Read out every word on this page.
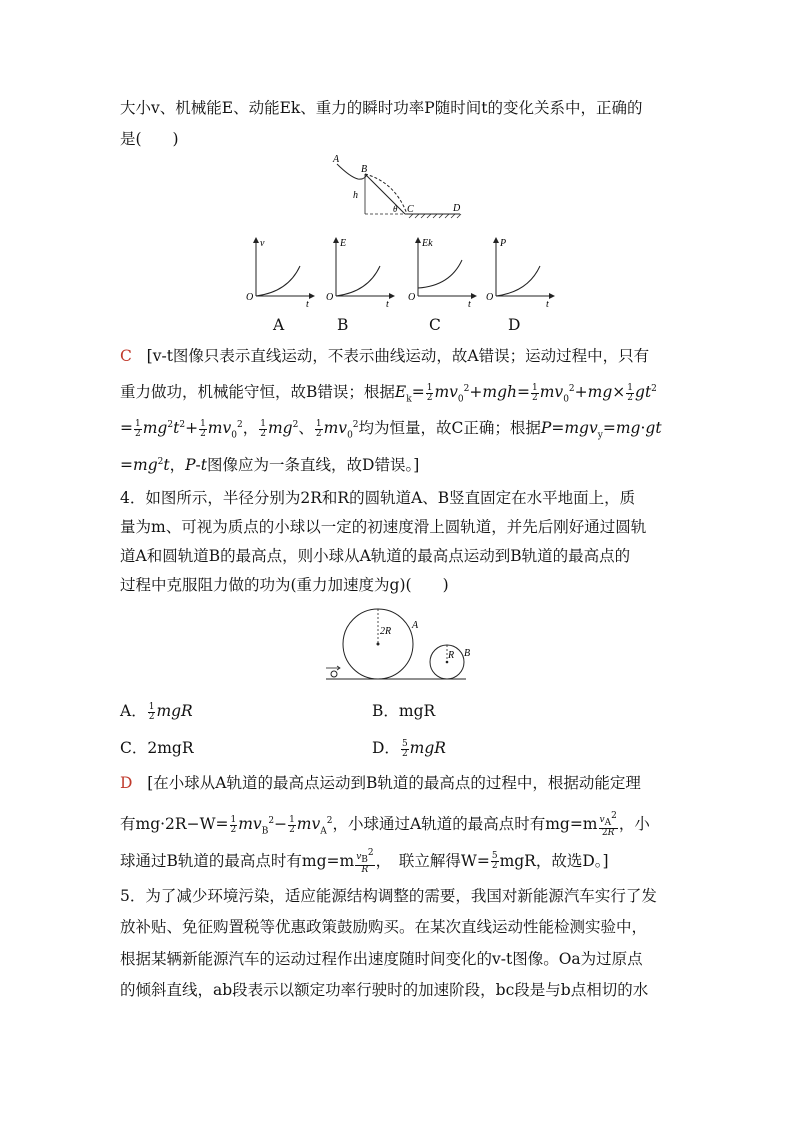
大小v、机械能E、动能Ek、重力的瞬时功率P随时间t的变化关系中，正确的
是(　　)
A
B
h
θ C	D
v
O
t
E
O
t
Ek
O
t
P
O
t
A	B	C	D
C [v-t图像只表示直线运动，不表示曲线运动，故A错误；运动过程中，只有
重力做功，机械能守恒，故B错误；根据$E_k= \frac{1}{2} mv_0^2+mgh= \frac{1}{2} mv_0^2+mg\times \frac{1}{2} gt^2$
= $\frac{1}{2} mg^2t^2+ \frac{1}{2} mv_0^2$， $\frac{1}{2} mg^2$、 $\frac{1}{2} mv_0^2$均为恒量，故C正确；根据P=mgv$_y$=mg·gt
$=mg^2t$，P-t图像应为一条直线，故D错误。]
4．如图所示，半径分别为2R和R的圆轨道A、B竖直固定在水平地面上，质
量为m、可视为质点的小球以一定的初速度滑上圆轨道，并先后刚好通过圆轨
道A和圆轨道B的最高点，则小球从A轨道的最高点运动到B轨道的最高点的
过程中克服阻力做的功为(重力加速度为g)(　　)
2R
A
R B
A． $\frac{1}{2}$ mgR	B．mgR
C．2mgR	D． $\frac{5}{2}$ mgR
D [在小球从A轨道的最高点运动到B轨道的最高点的过程中，根据动能定理
有$mg\cdot 2R-W= \frac{1}{2} mv_B^2- \frac{1}{2} mv_A^2$，小球通过A轨道的最高点时有$mg=m \frac{v_A^2}{2R}$ ，小
球通过B轨道的最高点时有$mg=m \frac{v_B^2}{R}$ ，　联立解得$W= \frac{5}{2}$ mgR，故选D。]
5．为了减少环境污染，适应能源结构调整的需要，我国对新能源汽车实行了发
放补贴、免征购置税等优惠政策鼓励购买。在某次直线运动性能检测实验中，
根据某辆新能源汽车的运动过程作出速度随时间变化的v-t图像。Oa为过原点
的倾斜直线，ab段表示以额定功率行驶时的加速阶段，bc段是与b点相切的水
